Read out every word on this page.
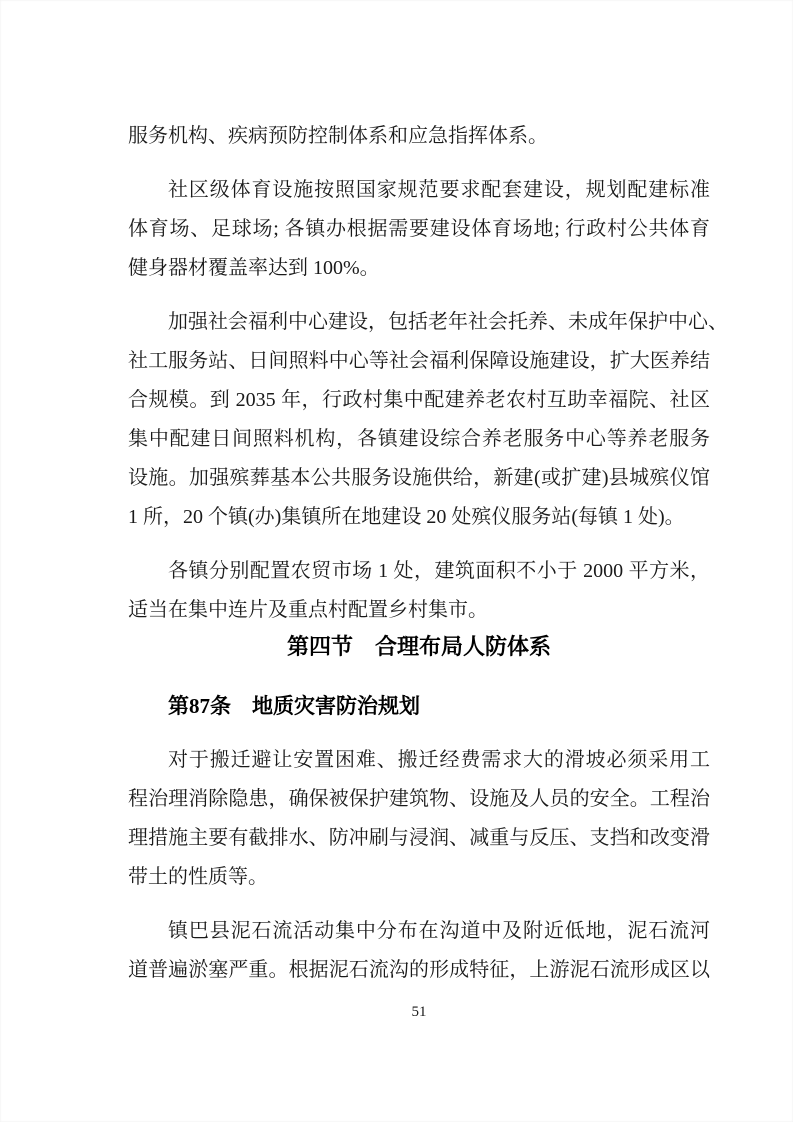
服务机构、疾病预防控制体系和应急指挥体系。
社区级体育设施按照国家规范要求配套建设，规划配建标准
体育场、足球场; 各镇办根据需要建设体育场地; 行政村公共体育
健身器材覆盖率达到 100%。
加强社会福利中心建设，包括老年社会托养、未成年保护中心、
社工服务站、日间照料中心等社会福利保障设施建设，扩大医养结
合规模。到 2035 年，行政村集中配建养老农村互助幸福院、社区
集中配建日间照料机构，各镇建设综合养老服务中心等养老服务
设施。加强殡葬基本公共服务设施供给，新建(或扩建)县城殡仪馆
1 所，20 个镇(办)集镇所在地建设 20 处殡仪服务站(每镇 1 处)。
各镇分别配置农贸市场 1 处，建筑面积不小于 2000 平方米，
适当在集中连片及重点村配置乡村集市。
第四节　合理布局人防体系
第87条　地质灾害防治规划
对于搬迁避让安置困难、搬迁经费需求大的滑坡必须采用工
程治理消除隐患，确保被保护建筑物、设施及人员的安全。工程治
理措施主要有截排水、防冲刷与浸润、减重与反压、支挡和改变滑
带土的性质等。
镇巴县泥石流活动集中分布在沟道中及附近低地，泥石流河
道普遍淤塞严重。根据泥石流沟的形成特征，上游泥石流形成区以
51
